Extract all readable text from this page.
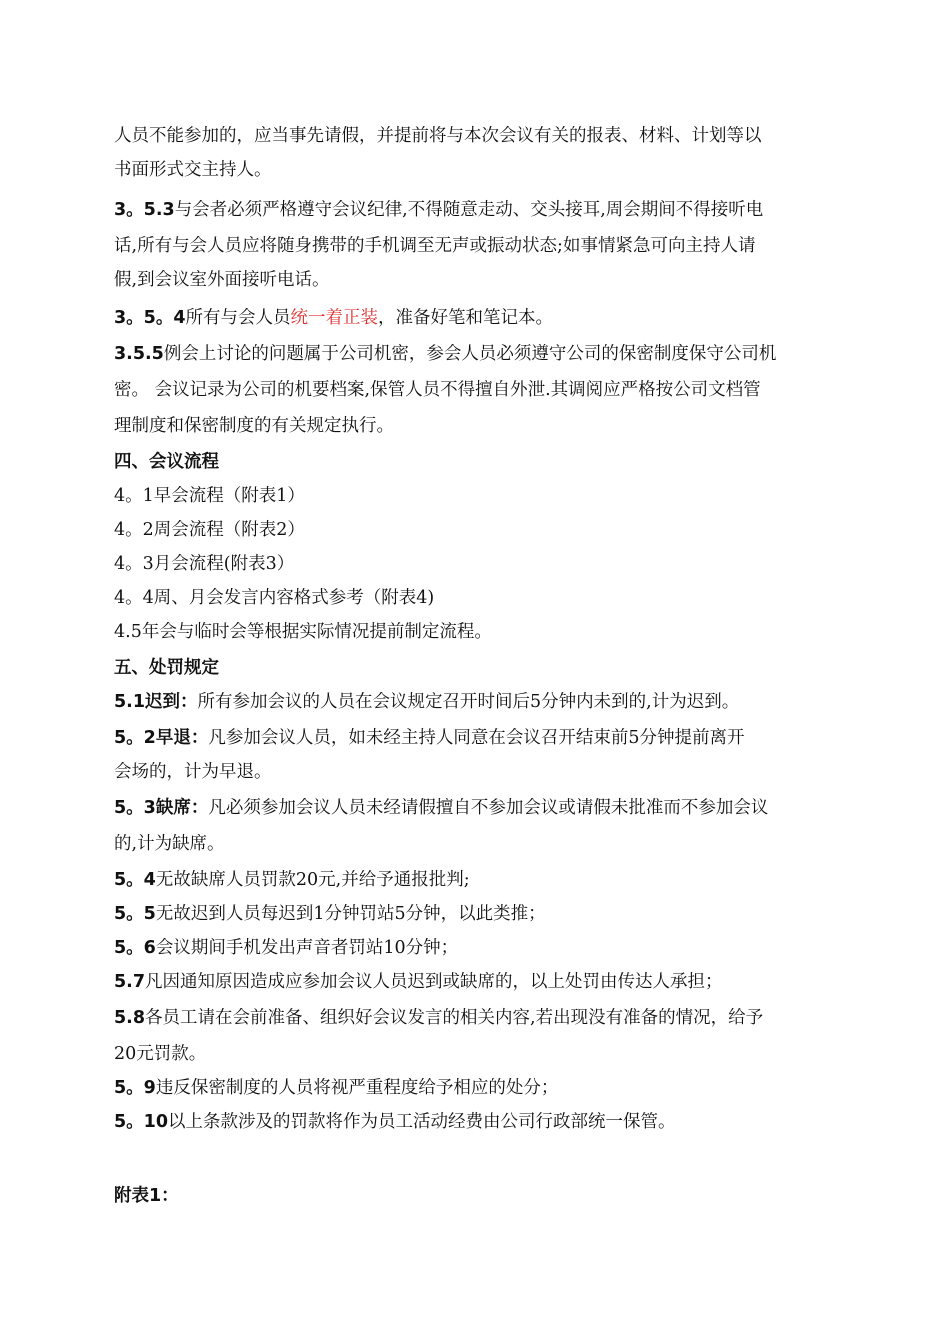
人员不能参加的，应当事先请假，并提前将与本次会议有关的报表、材料、计划等以
书面形式交主持人。
3。5.3与会者必须严格遵守会议纪律,不得随意走动、交头接耳,周会期间不得接听电
话,所有与会人员应将随身携带的手机调至无声或振动状态;如事情紧急可向主持人请
假,到会议室外面接听电话。
3。5。4所有与会人员统一着正装，准备好笔和笔记本。
3.5.5例会上讨论的问题属于公司机密，参会人员必须遵守公司的保密制度保守公司机
密。 会议记录为公司的机要档案,保管人员不得擅自外泄.其调阅应严格按公司文档管
理制度和保密制度的有关规定执行。
四、会议流程
4。1早会流程（附表1）
4。2周会流程（附表2）
4。3月会流程(附表3）
4。4周、月会发言内容格式参考（附表4)
4.5年会与临时会等根据实际情况提前制定流程。
五、处罚规定
5.1迟到：所有参加会议的人员在会议规定召开时间后5分钟内未到的,计为迟到。
5。2早退：凡参加会议人员，如未经主持人同意在会议召开结束前5分钟提前离开
会场的，计为早退。
5。3缺席：凡必须参加会议人员未经请假擅自不参加会议或请假未批准而不参加会议
的,计为缺席。
5。4无故缺席人员罚款20元,并给予通报批判;
5。5无故迟到人员每迟到1分钟罚站5分钟，以此类推；
5。6会议期间手机发出声音者罚站10分钟；
5.7凡因通知原因造成应参加会议人员迟到或缺席的，以上处罚由传达人承担；
5.8各员工请在会前准备、组织好会议发言的相关内容,若出现没有准备的情况，给予
20元罚款。
5。9违反保密制度的人员将视严重程度给予相应的处分；
5。10以上条款涉及的罚款将作为员工活动经费由公司行政部统一保管。
附表1：
